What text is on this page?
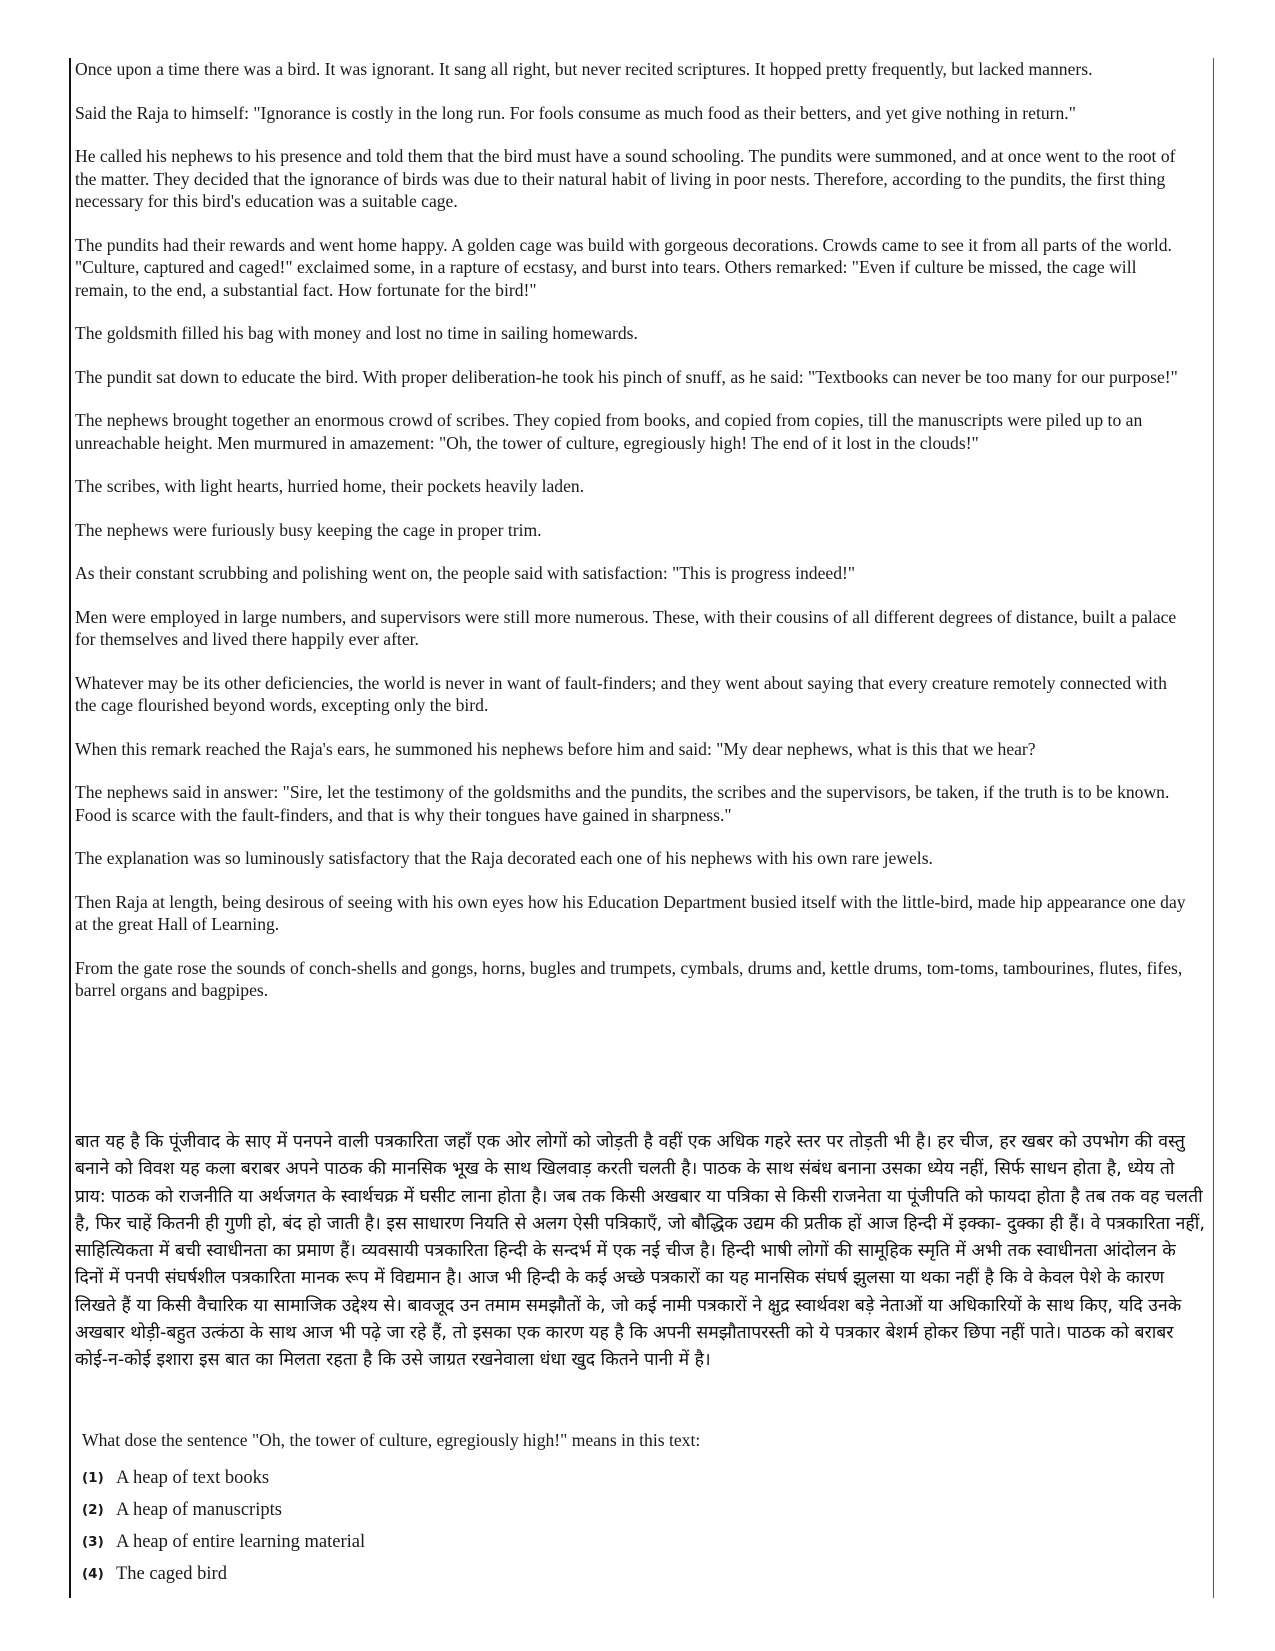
Once upon a time there was a bird. It was ignorant. It sang all right, but never recited scriptures. It hopped pretty frequently, but lacked manners.

Said the Raja to himself: "Ignorance is costly in the long run. For fools consume as much food as their betters, and yet give nothing in return."

He called his nephews to his presence and told them that the bird must have a sound schooling. The pundits were summoned, and at once went to the root of the matter. They decided that the ignorance of birds was due to their natural habit of living in poor nests. Therefore, according to the pundits, the first thing necessary for this bird's education was a suitable cage.

The pundits had their rewards and went home happy. A golden cage was build with gorgeous decorations. Crowds came to see it from all parts of the world. "Culture, captured and caged!" exclaimed some, in a rapture of ecstasy, and burst into tears. Others remarked: "Even if culture be missed, the cage will remain, to the end, a substantial fact. How fortunate for the bird!"

The goldsmith filled his bag with money and lost no time in sailing homewards.

The pundit sat down to educate the bird. With proper deliberation-he took his pinch of snuff, as he said: "Textbooks can never be too many for our purpose!"

The nephews brought together an enormous crowd of scribes. They copied from books, and copied from copies, till the manuscripts were piled up to an unreachable height. Men murmured in amazement: "Oh, the tower of culture, egregiously high! The end of it lost in the clouds!"

The scribes, with light hearts, hurried home, their pockets heavily laden.

The nephews were furiously busy keeping the cage in proper trim.

As their constant scrubbing and polishing went on, the people said with satisfaction: "This is progress indeed!"

Men were employed in large numbers, and supervisors were still more numerous. These, with their cousins of all different degrees of distance, built a palace for themselves and lived there happily ever after.

Whatever may be its other deficiencies, the world is never in want of fault-finders; and they went about saying that every creature remotely connected with the cage flourished beyond words, excepting only the bird.

When this remark reached the Raja's ears, he summoned his nephews before him and said: "My dear nephews, what is this that we hear?

The nephews said in answer: "Sire, let the testimony of the goldsmiths and the pundits, the scribes and the supervisors, be taken, if the truth is to be known. Food is scarce with the fault-finders, and that is why their tongues have gained in sharpness."

The explanation was so luminously satisfactory that the Raja decorated each one of his nephews with his own rare jewels.

Then Raja at length, being desirous of seeing with his own eyes how his Education Department busied itself with the little-bird, made hip appearance one day at the great Hall of Learning.

From the gate rose the sounds of conch-shells and gongs, horns, bugles and trumpets, cymbals, drums and, kettle drums, tom-toms, tambourines, flutes, fifes, barrel organs and bagpipes.

बात यह है कि पूंजीवाद के साए में पनपने वाली पत्रकारिता जहाँ एक ओर लोगों को जोड़ती है वहीं एक अधिक गहरे स्तर पर तोड़ती भी है। हर चीज, हर खबर को उपभोग की वस्तु बनाने को विवश यह कला बराबर अपने पाठक की मानसिक भूख के साथ खिलवाड़ करती चलती है। पाठक के साथ संबंध बनाना उसका ध्येय नहीं, सिर्फ साधन होता है, ध्येय तो प्राय: पाठक को राजनीति या अर्थजगत के स्वार्थचक्र में घसीट लाना होता है। जब तक किसी अखबार या पत्रिका से किसी राजनेता या पूंजीपति को फायदा होता है तब तक वह चलती है, फिर चाहें कितनी ही गुणी हो, बंद हो जाती है। इस साधारण नियति से अलग ऐसी पत्रिकाएँ, जो बौद्धिक उद्यम की प्रतीक हों आज हिन्दी में इक्का- दुक्का ही हैं। वे पत्रकारिता नहीं, साहित्यिकता में बची स्वाधीनता का प्रमाण हैं। व्यवसायी पत्रकारिता हिन्दी के सन्दर्भ में एक नई चीज है। हिन्दी भाषी लोगों की सामूहिक स्मृति में अभी तक स्वाधीनता आंदोलन के दिनों में पनपी संघर्षशील पत्रकारिता मानक रूप में विद्यमान है। आज भी हिन्दी के कई अच्छे पत्रकारों का यह मानसिक संघर्ष झुलसा या थका नहीं है कि वे केवल पेशे के कारण लिखते हैं या किसी वैचारिक या सामाजिक उद्देश्य से। बावजूद उन तमाम समझौतों के, जो कई नामी पत्रकारों ने क्षुद्र स्वार्थवश बड़े नेताओं या अधिकारियों के साथ किए, यदि उनके अखबार थोड़ी-बहुत उत्कंठा के साथ आज भी पढ़े जा रहे हैं, तो इसका एक कारण यह है कि अपनी समझौतापरस्ती को ये पत्रकार बेशर्म होकर छिपा नहीं पाते। पाठक को बराबर कोई-न-कोई इशारा इस बात का मिलता रहता है कि उसे जाग्रत रखनेवाला धंधा खुद कितने पानी में है।

What dose the sentence "Oh, the tower of culture, egregiously high!" means in this text:

(1) A heap of text books
(2) A heap of manuscripts
(3) A heap of entire learning material
(4) The caged bird
